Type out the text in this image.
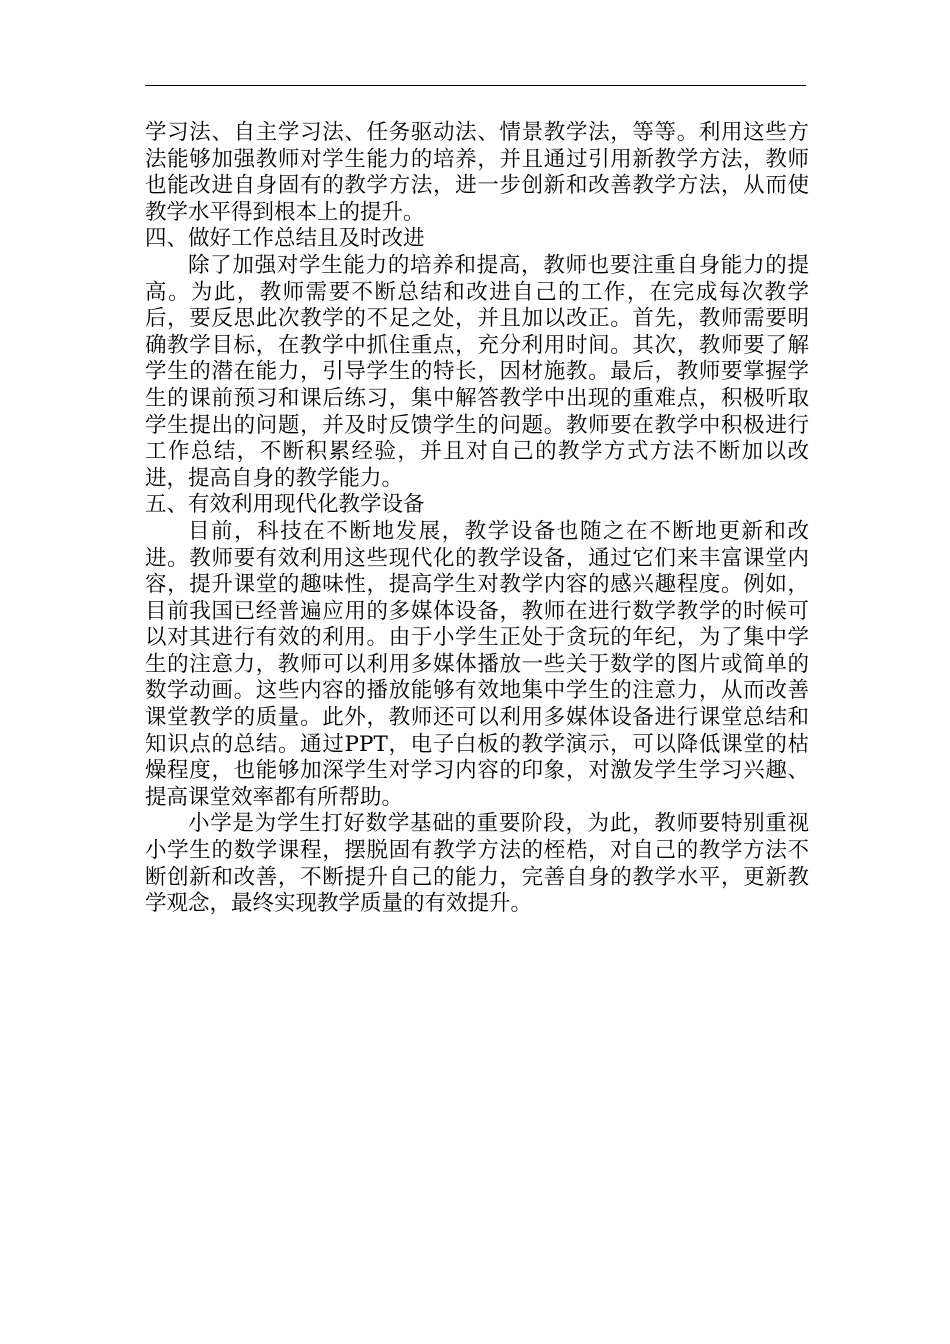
学习法、自主学习法、任务驱动法、情景教学法，等等。利用这些方法能够加强教师对学生能力的培养，并且通过引用新教学方法，教师也能改进自身固有的教学方法，进一步创新和改善教学方法，从而使教学水平得到根本上的提升。

四、做好工作总结且及时改进

除了加强对学生能力的培养和提高，教师也要注重自身能力的提高。为此，教师需要不断总结和改进自己的工作，在完成每次教学后，要反思此次教学的不足之处，并且加以改正。首先，教师需要明确教学目标，在教学中抓住重点，充分利用时间。其次，教师要了解学生的潜在能力，引导学生的特长，因材施教。最后，教师要掌握学生的课前预习和课后练习，集中解答教学中出现的重难点，积极听取学生提出的问题，并及时反馈学生的问题。教师要在教学中积极进行工作总结，不断积累经验，并且对自己的教学方式方法不断加以改进，提高自身的教学能力。

五、有效利用现代化教学设备

目前，科技在不断地发展，教学设备也随之在不断地更新和改进。教师要有效利用这些现代化的教学设备，通过它们来丰富课堂内容，提升课堂的趣味性，提高学生对教学内容的感兴趣程度。例如，目前我国已经普遍应用的多媒体设备，教师在进行数学教学的时候可以对其进行有效的利用。由于小学生正处于贪玩的年纪，为了集中学生的注意力，教师可以利用多媒体播放一些关于数学的图片或简单的数学动画。这些内容的播放能够有效地集中学生的注意力，从而改善课堂教学的质量。此外，教师还可以利用多媒体设备进行课堂总结和知识点的总结。通过PPT，电子白板的教学演示，可以降低课堂的枯燥程度，也能够加深学生对学习内容的印象，对激发学生学习兴趣、提高课堂效率都有所帮助。

小学是为学生打好数学基础的重要阶段，为此，教师要特别重视小学生的数学课程，摆脱固有教学方法的桎梏，对自己的教学方法不断创新和改善，不断提升自己的能力，完善自身的教学水平，更新教学观念，最终实现教学质量的有效提升。
